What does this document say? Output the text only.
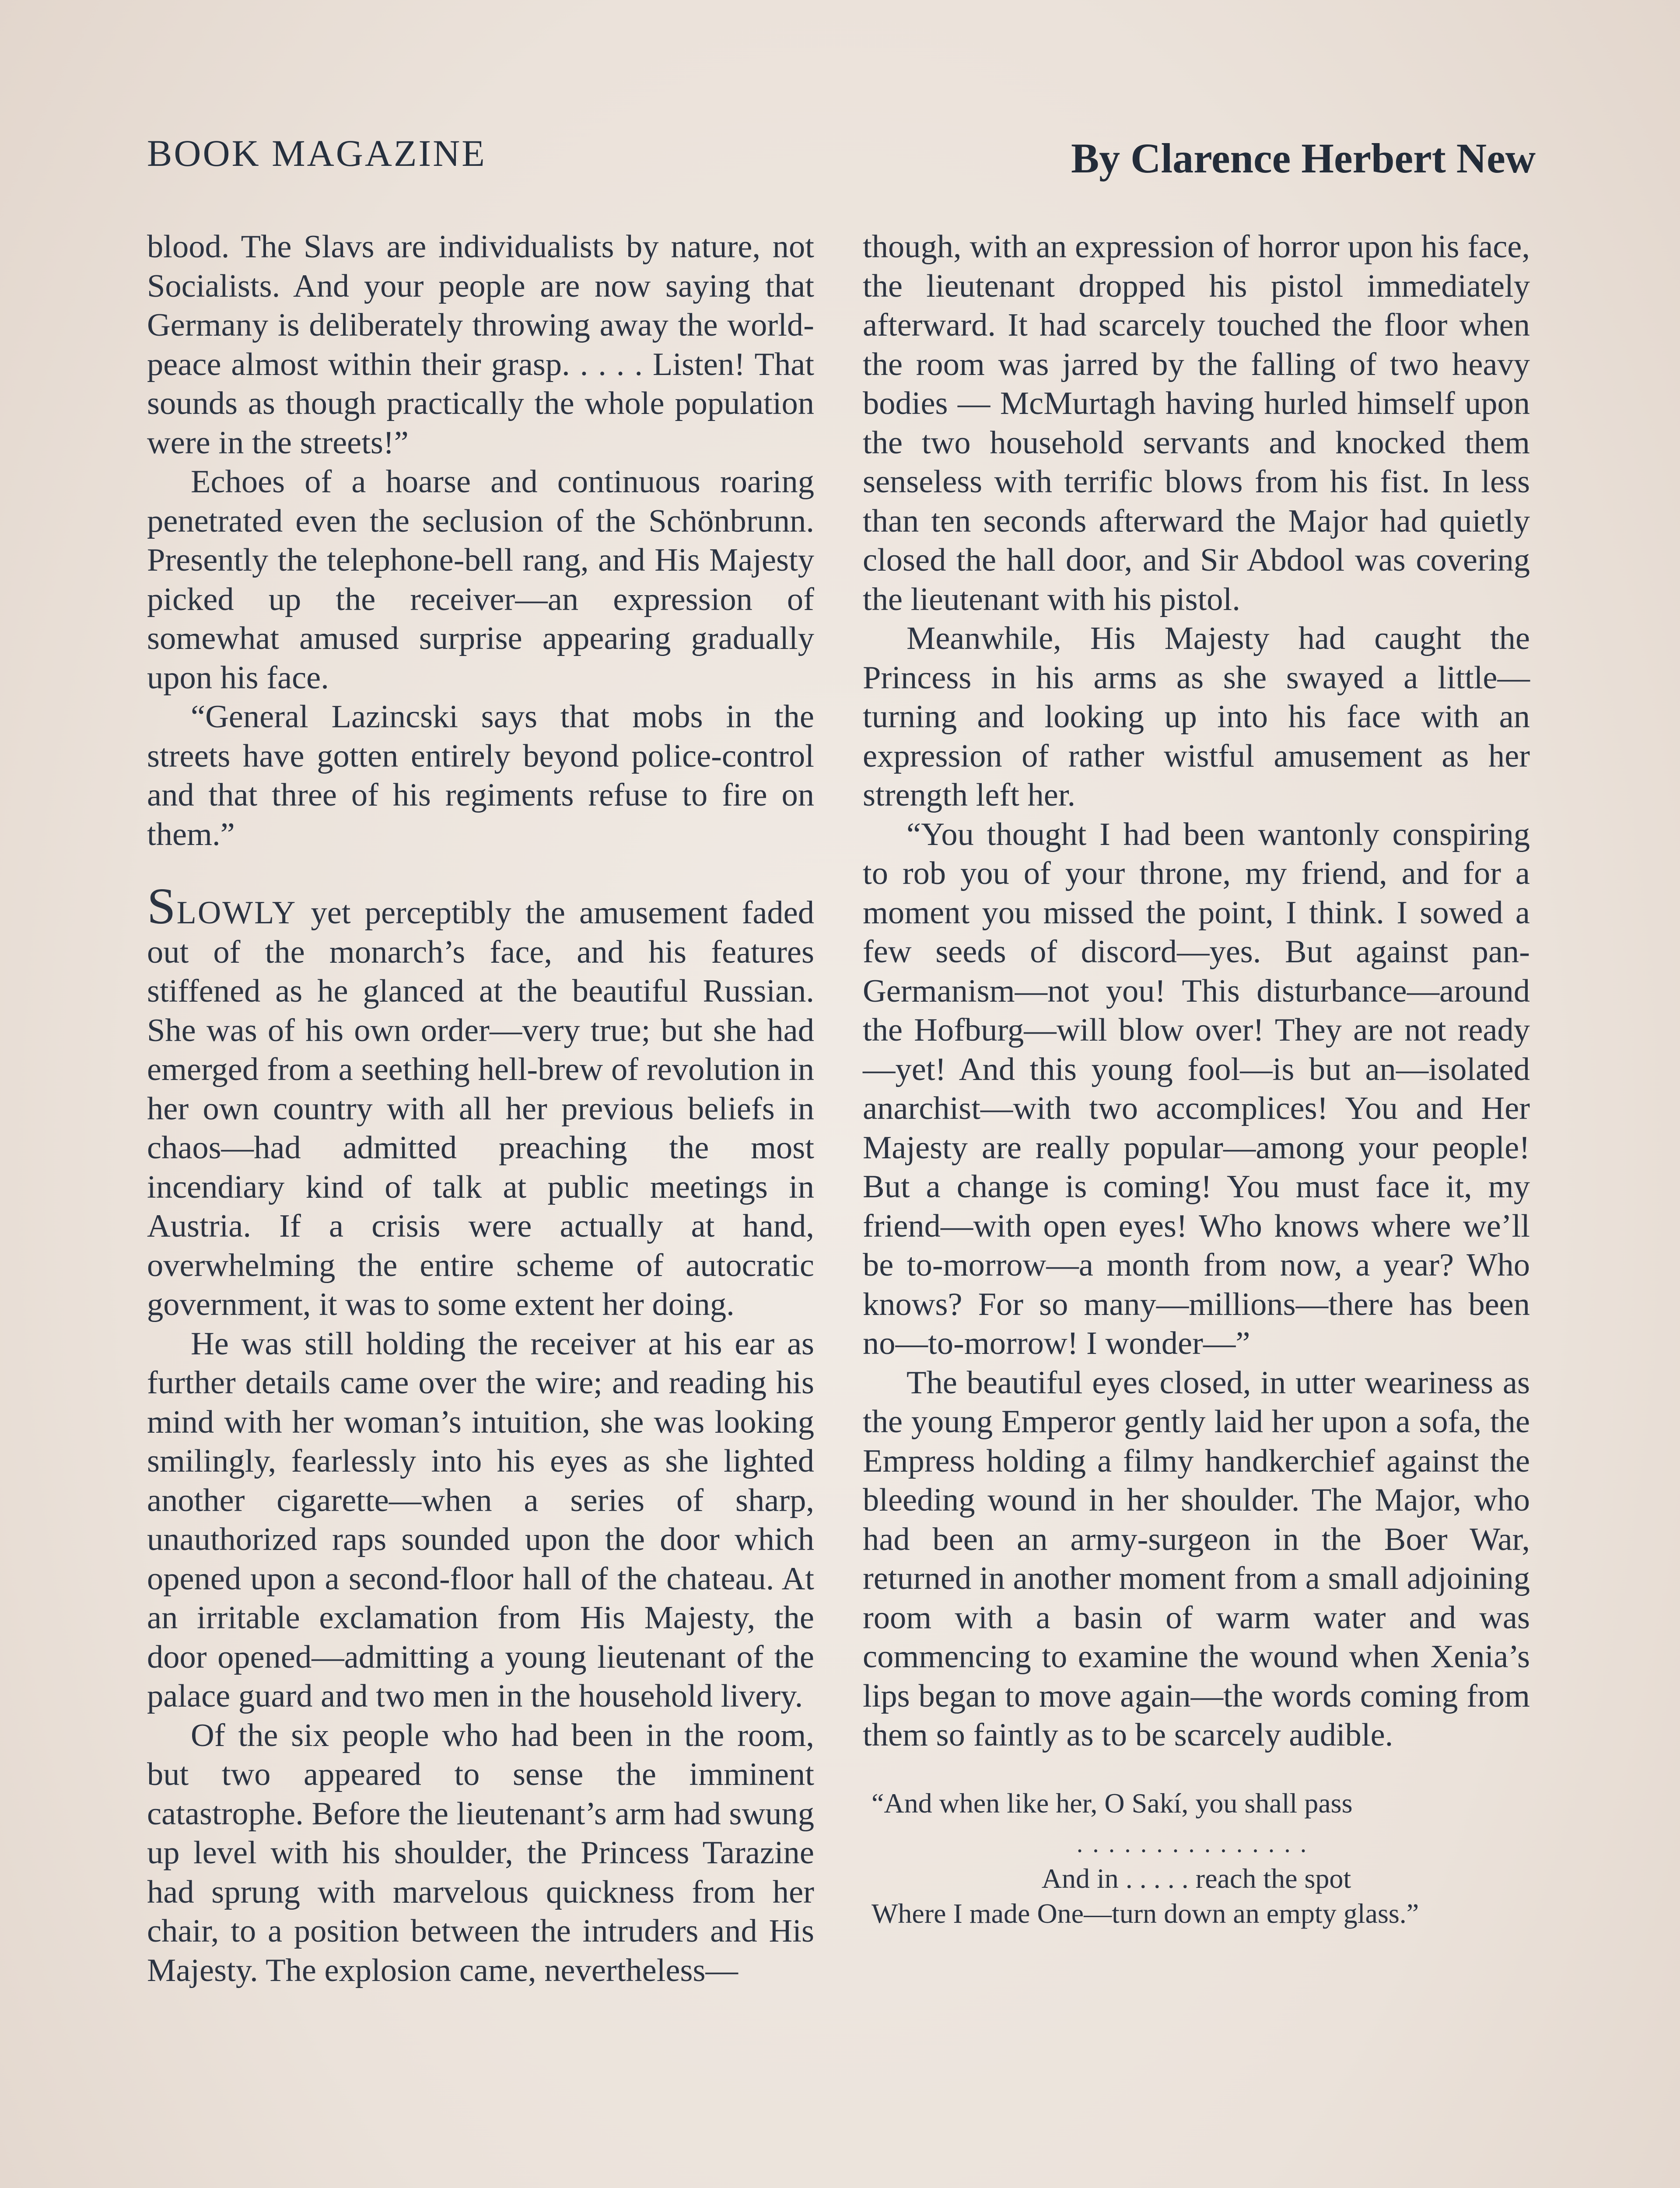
BOOK MAGAZINE	By Clarence Herbert New

blood. The Slavs are individualists by nature, not Socialists. And your people are now saying that Germany is deliberately throwing away the world-peace almost within their grasp. . . . . Listen! That sounds as though practically the whole population were in the streets!”

Echoes of a hoarse and continuous roaring penetrated even the seclusion of the Schönbrunn. Presently the telephone-bell rang, and His Majesty picked up the receiver—an expression of somewhat amused surprise appearing gradually upon his face.

“General Lazincski says that mobs in the streets have gotten entirely beyond police-control and that three of his regiments refuse to fire on them.”

SLOWLY yet perceptibly the amusement faded out of the monarch’s face, and his features stiffened as he glanced at the beautiful Russian. She was of his own order—very true; but she had emerged from a seething hell-brew of revolution in her own country with all her previous beliefs in chaos—had admitted preaching the most incendiary kind of talk at public meetings in Austria. If a crisis were actually at hand, overwhelming the entire scheme of autocratic government, it was to some extent her doing.

He was still holding the receiver at his ear as further details came over the wire; and reading his mind with her woman’s intuition, she was looking smilingly, fearlessly into his eyes as she lighted another cigarette—when a series of sharp, unauthorized raps sounded upon the door which opened upon a second-floor hall of the chateau. At an irritable exclamation from His Majesty, the door opened—admitting a young lieutenant of the palace guard and two men in the household livery.

Of the six people who had been in the room, but two appeared to sense the imminent catastrophe. Before the lieutenant’s arm had swung up level with his shoulder, the Princess Tarazine had sprung with marvelous quickness from her chair, to a position between the intruders and His Majesty. The explosion came, nevertheless—

though, with an expression of horror upon his face, the lieutenant dropped his pistol immediately afterward. It had scarcely touched the floor when the room was jarred by the falling of two heavy bodies — McMurtagh having hurled himself upon the two household servants and knocked them senseless with terrific blows from his fist. In less than ten seconds afterward the Major had quietly closed the hall door, and Sir Abdool was covering the lieutenant with his pistol.

Meanwhile, His Majesty had caught the Princess in his arms as she swayed a little—turning and looking up into his face with an expression of rather wistful amusement as her strength left her.

“You thought I had been wantonly conspiring to rob you of your throne, my friend, and for a moment you missed the point, I think. I sowed a few seeds of discord—yes. But against pan-Germanism—not you! This disturbance—around the Hofburg—will blow over! They are not ready—yet! And this young fool—is but an—isolated anarchist—with two accomplices! You and Her Majesty are really popular—among your people! But a change is coming! You must face it, my friend—with open eyes! Who knows where we’ll be to-morrow—a month from now, a year? Who knows? For so many—millions—there has been no—to-morrow! I wonder—”

The beautiful eyes closed, in utter weariness as the young Emperor gently laid her upon a sofa, the Empress holding a filmy handkerchief against the bleeding wound in her shoulder. The Major, who had been an army-surgeon in the Boer War, returned in another moment from a small adjoining room with a basin of warm water and was commencing to examine the wound when Xenia’s lips began to move again—the words coming from them so faintly as to be scarcely audible.

“And when like her, O Sakí, you shall pass
...............
And in . . . . . reach the spot
Where I made One—turn down an empty glass.”
